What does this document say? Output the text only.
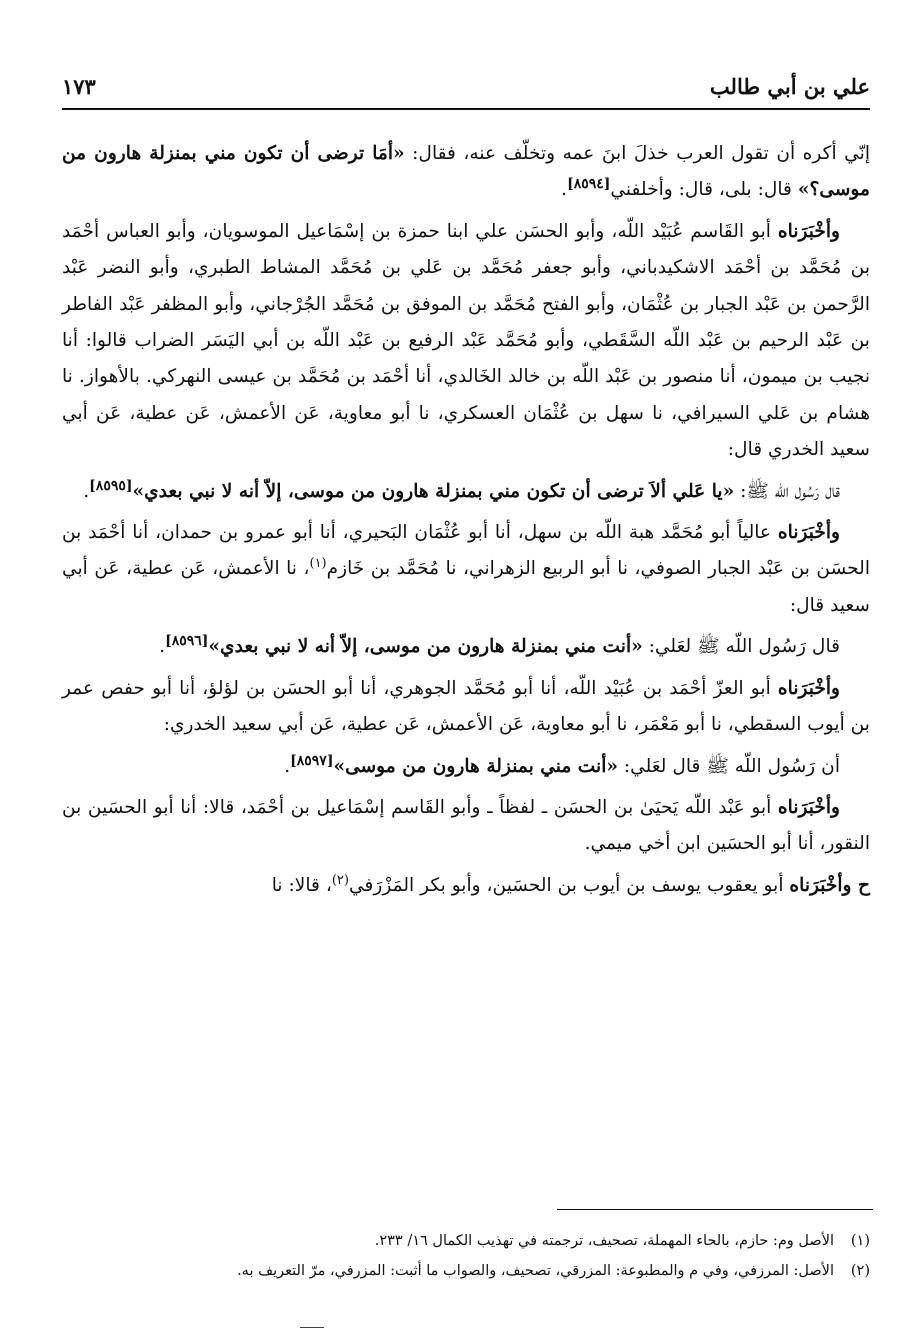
علي بن أبي طالب
١٧٣

إنّي أكره أن تقول العرب خذلَ ابنَ عمه وتخلّف عنه، فقال: «أمَا ترضى أن تكون مني بمنزلة هارون من موسى؟» قال: بلى، قال: وأخلفني[٨٥٩٤].

وأخْبَرَناه أبو القَاسم عُبَيْد اللّه، وأبو الحسَن علي ابنا حمزة بن إسْمَاعيل الموسويان، وأبو العباس أحْمَد بن مُحَمَّد بن أحْمَد الاشكيدباني، وأبو جعفر مُحَمَّد بن عَلي بن مُحَمَّد المشاط الطبري، وأبو النضر عَبْد الرَّحمن بن عَبْد الجبار بن عُثْمَان، وأبو الفتح مُحَمَّد بن الموفق بن مُحَمَّد الجُرْجاني، وأبو المظفر عَبْد الفاطر بن عَبْد الرحيم بن عَبْد اللّه السَّقَطي، وأبو مُحَمَّد عَبْد الرفيع بن عَبْد اللّه بن أبي اليَسَر الضراب قالوا: أنا نجيب بن ميمون، أنا منصور بن عَبْد اللّه بن خالد الخَالدي، أنا أحْمَد بن مُحَمَّد بن عيسى النهركي. بالأهواز. نا هشام بن عَلي السيرافي، نا سهل بن عُثْمَان العسكري، نا أبو معاوية، عَن الأعمش، عَن عطية، عَن أبي سعيد الخدري قال:

قال رَسُول اللّه ﷺ: «يا عَلي ألاَ ترضى أن تكون مني بمنزلة هارون من موسى، إلاّ أنه لا نبي بعدي»[٨٥٩٥].

وأخْبَرَناه عالياً أبو مُحَمَّد هبة اللّه بن سهل، أنا أبو عُثْمَان البَحيري، أنا أبو عمرو بن حمدان، أنا أحْمَد بن الحسَن بن عَبْد الجبار الصوفي، نا أبو الربيع الزهراني، نا مُحَمَّد بن خَازم$^{(١)}$، نا الأعمش، عَن عطية، عَن أبي سعيد قال:

قال رَسُول اللّه ﷺ لعَلي: «أنت مني بمنزلة هارون من موسى، إلاّ أنه لا نبي بعدي»[٨٥٩٦].

وأخْبَرَناه أبو العزّ أحْمَد بن عُبَيْد اللّه، أنا أبو مُحَمَّد الجوهري، أنا أبو الحسَن بن لؤلؤ، أنا أبو حفص عمر بن أيوب السقطي، نا أبو مَعْمَر، نا أبو معاوية، عَن الأعمش، عَن عطية، عَن أبي سعيد الخدري:

أن رَسُول اللّه ﷺ قال لعَلي: «أنت مني بمنزلة هارون من موسى»[٨٥٩٧].

وأخْبَرَناه أبو عَبْد اللّه يَحيَىٰ بن الحسَن ـ لفظاً ـ وأبو القَاسم إسْمَاعيل بن أحْمَد، قالا: أنا أبو الحسَين بن النقور، أنا أبو الحسَين ابن أخي ميمي.

ح وأخْبَرَناه أبو يعقوب يوسف بن أيوب بن الحسَين، وأبو بكر المَزْرَفي$^{(٢)}$، قالا: نا

(١)الأصل وم: حازم، بالحاء المهملة، تصحيف، ترجمته في تهذيب الكمال ١٦/ ٢٣٣.

(٢)الأصل: المرزفي، وفي م والمطبوعة: المزرقي، تصحيف، والصواب ما أثبت: المزرفي، مرّ التعريف به.
